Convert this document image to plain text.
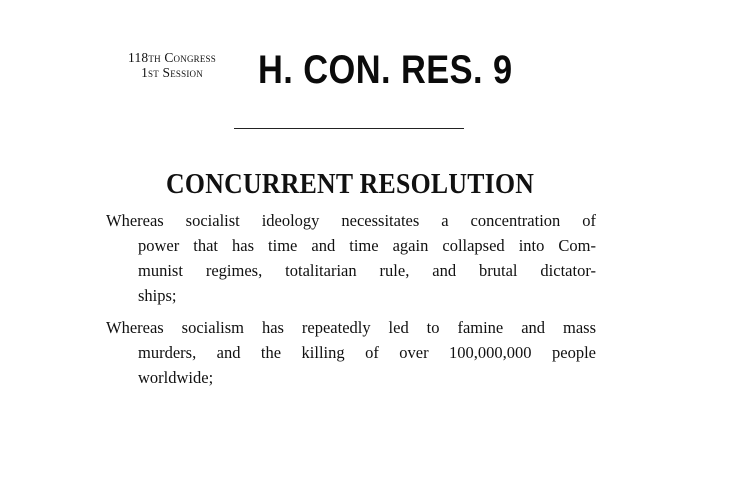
118th Congress
1st Session	H. CON. RES. 9
CONCURRENT RESOLUTION
Whereas socialist ideology necessitates a concentration of
power that has time and time again collapsed into Com-
munist regimes, totalitarian rule, and brutal dictator-
ships;
Whereas socialism has repeatedly led to famine and mass
murders, and the killing of over 100,000,000 people
worldwide;
